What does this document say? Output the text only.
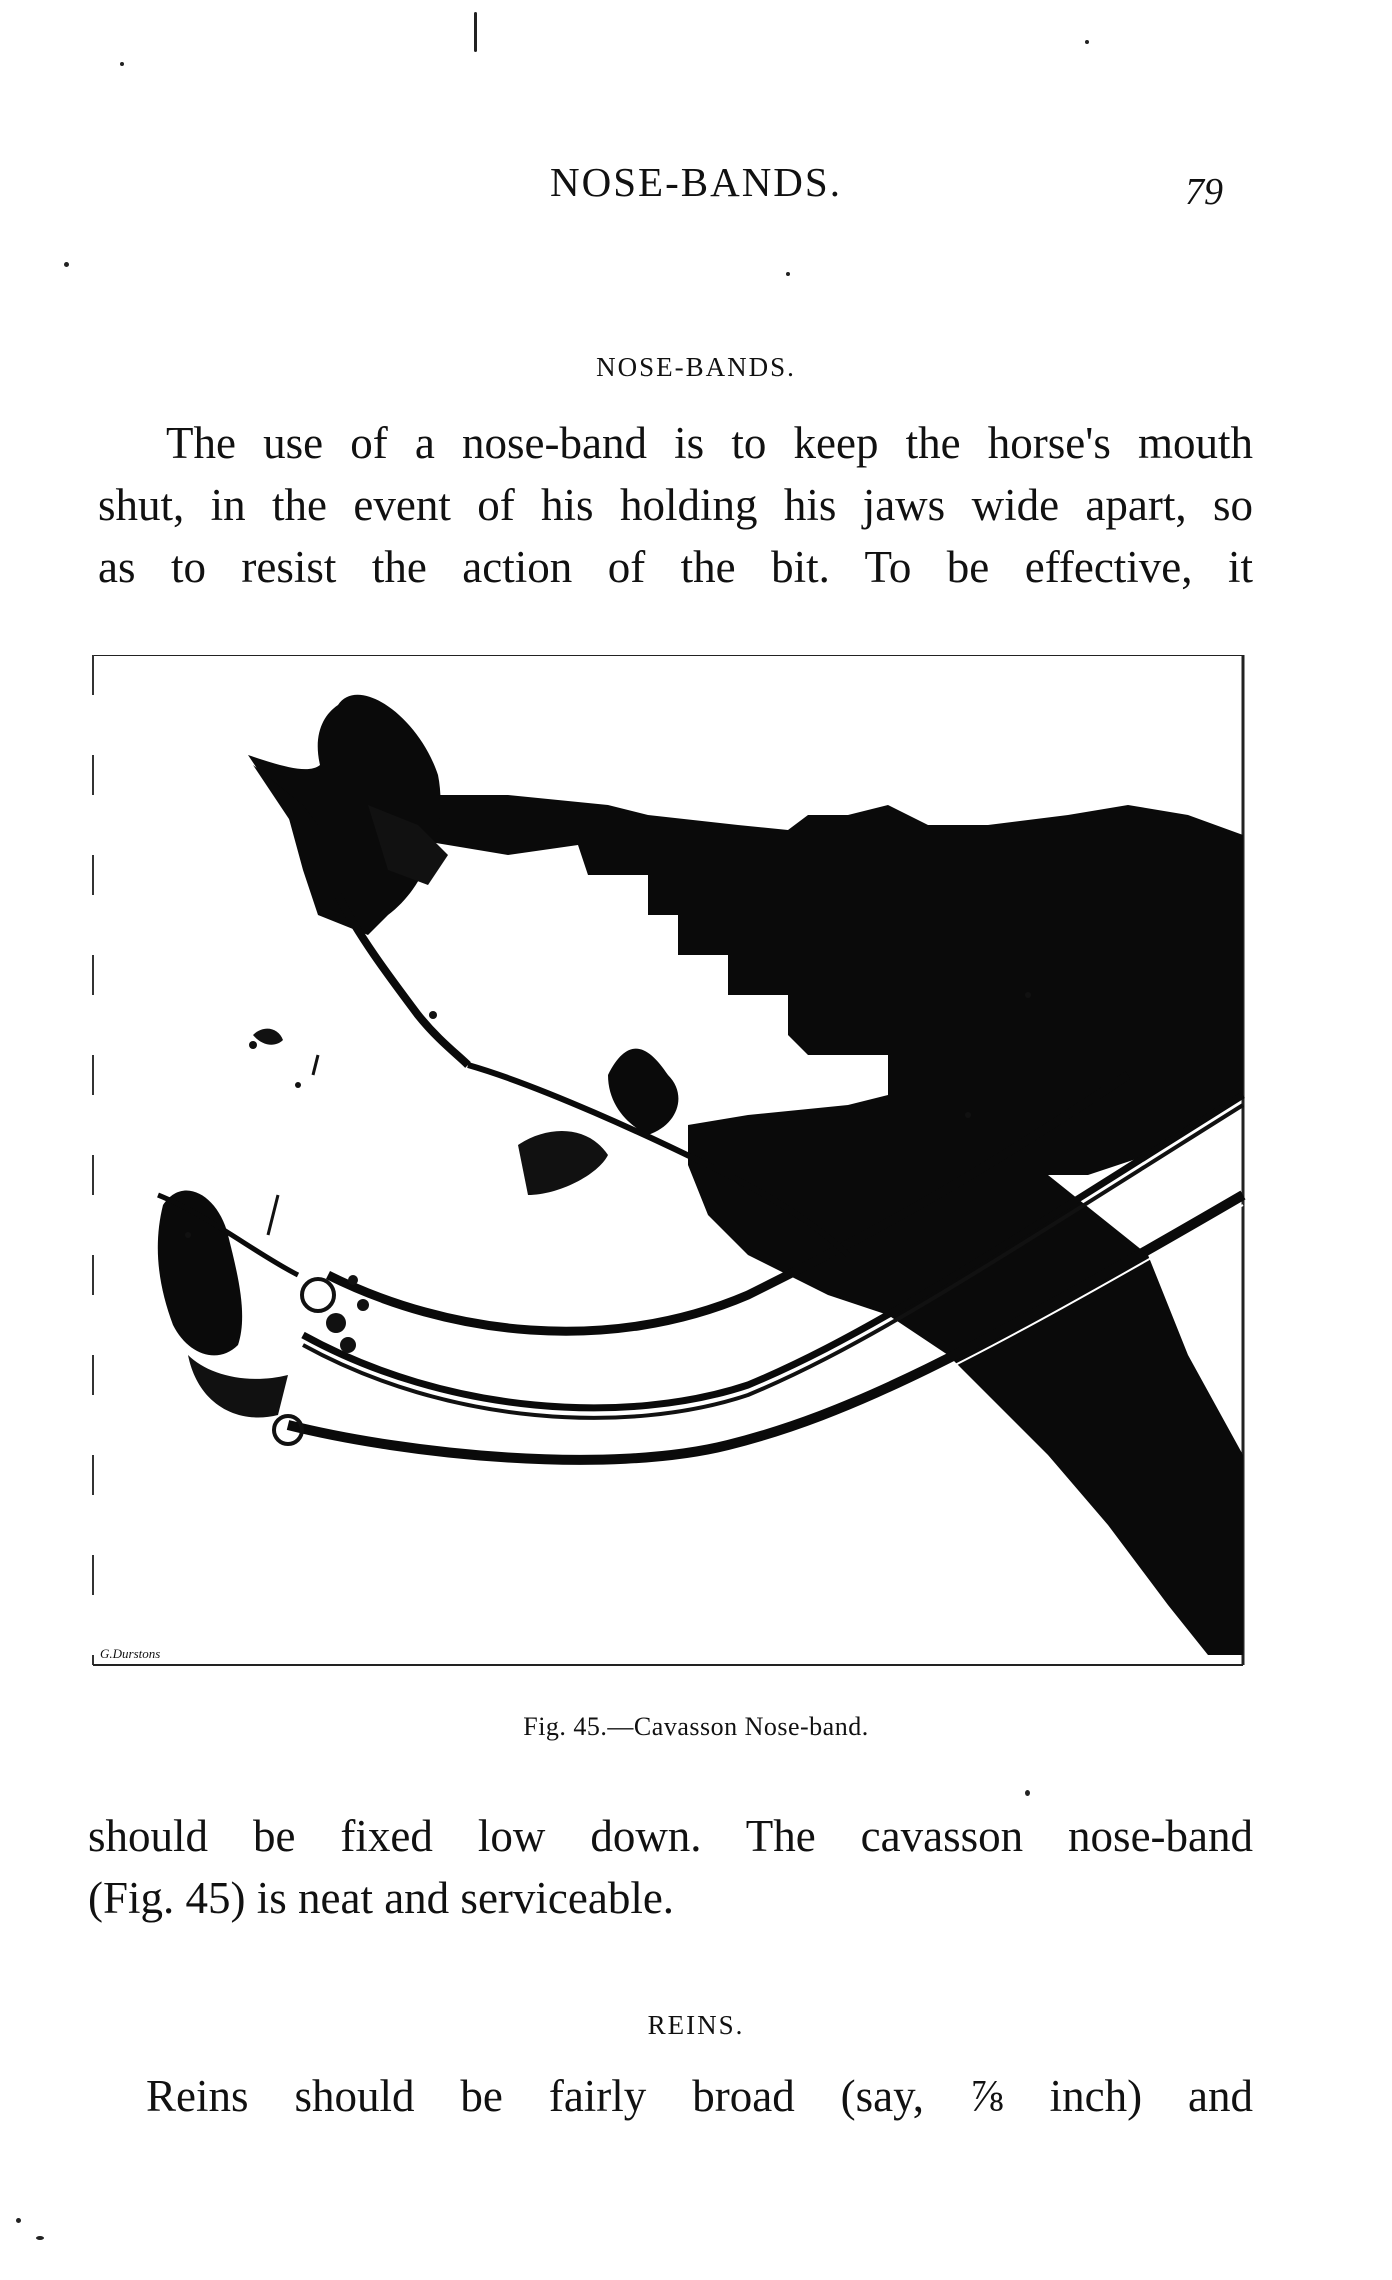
NOSE-BANDS.	79
NOSE-BANDS.
The use of a nose-band is to keep the horse's mouth
shut, in the event of his holding his jaws wide apart, so
as to resist the action of the bit. To be effective, it
G.Durstons
Fig. 45.—Cavasson Nose-band.
should be fixed low down. The cavasson nose-band
(Fig. 45) is neat and serviceable.
REINS.
Reins should be fairly broad (say, ⅞ inch) and
